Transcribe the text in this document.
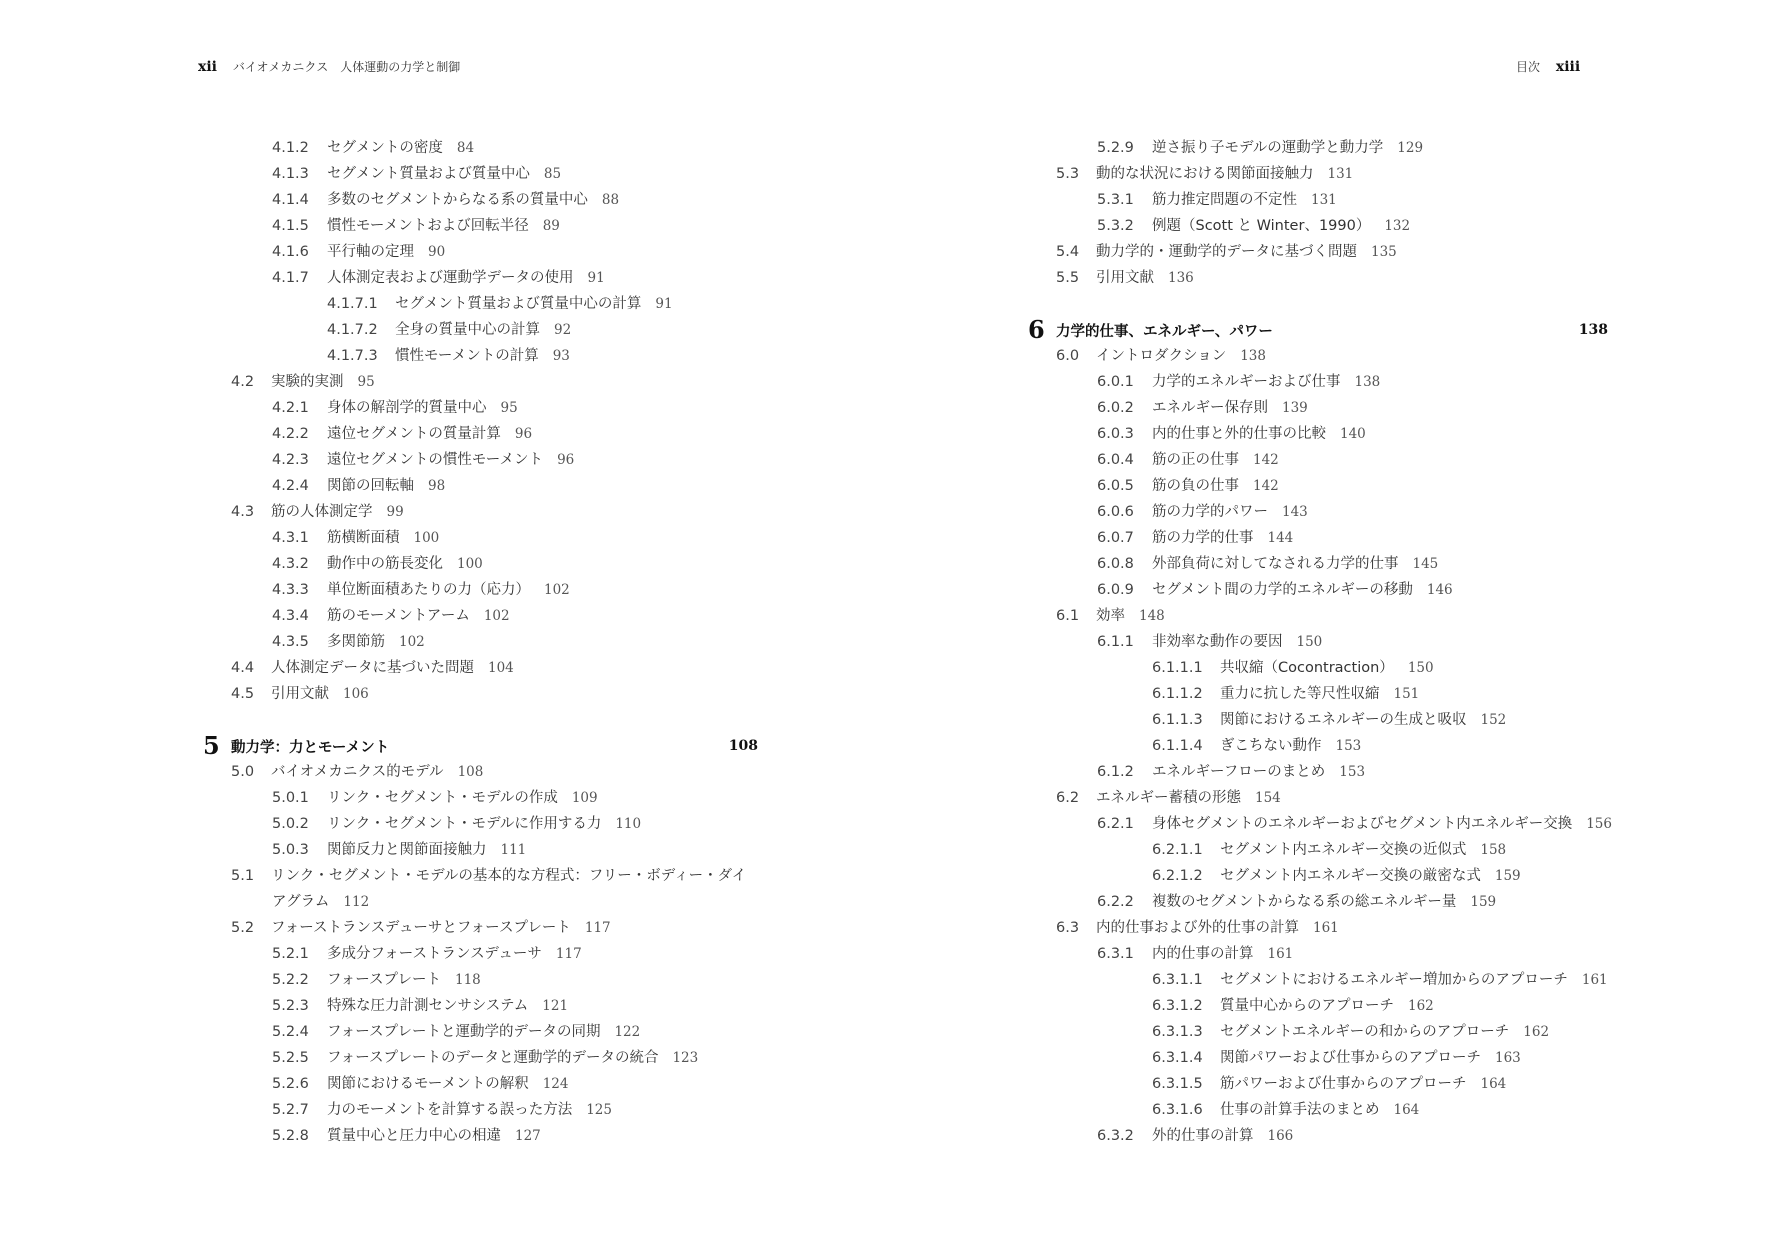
xii バイオメカニクス　人体運動の力学と制御	目次 xiii
4.1.2 セグメントの密度 84
4.1.3 セグメント質量および質量中心 85
4.1.4 多数のセグメントからなる系の質量中心 88
4.1.5 慣性モーメントおよび回転半径 89
4.1.6 平行軸の定理 90
4.1.7 人体測定表および運動学データの使用 91
4.1.7.1 セグメント質量および質量中心の計算 91
4.1.7.2 全身の質量中心の計算 92
4.1.7.3 慣性モーメントの計算 93
4.2 実験的実測 95
4.2.1 身体の解剖学的質量中心 95
4.2.2 遠位セグメントの質量計算 96
4.2.3 遠位セグメントの慣性モーメント 96
4.2.4 関節の回転軸 98
4.3 筋の人体測定学 99
4.3.1 筋横断面積 100
4.3.2 動作中の筋長変化 100
4.3.3 単位断面積あたりの力（応力） 102
4.3.4 筋のモーメントアーム 102
4.3.5 多関節筋 102
4.4 人体測定データに基づいた問題 104
4.5 引用文献 106
5 動力学：力とモーメント	108
5.0 バイオメカニクス的モデル 108
5.0.1 リンク・セグメント・モデルの作成 109
5.0.2 リンク・セグメント・モデルに作用する力 110
5.0.3 関節反力と関節面接触力 111
5.1 リンク・セグメント・モデルの基本的な方程式：フリー・ボディー・ダイ
アグラム 112
5.2 フォーストランスデューサとフォースプレート 117
5.2.1 多成分フォーストランスデューサ 117
5.2.2 フォースプレート 118
5.2.3 特殊な圧力計測センサシステム 121
5.2.4 フォースプレートと運動学的データの同期 122
5.2.5 フォースプレートのデータと運動学的データの統合 123
5.2.6 関節におけるモーメントの解釈 124
5.2.7 力のモーメントを計算する誤った方法 125
5.2.8 質量中心と圧力中心の相違 127
5.2.9 逆さ振り子モデルの運動学と動力学 129
5.3 動的な状況における関節面接触力 131
5.3.1 筋力推定問題の不定性 131
5.3.2 例題（Scott と Winter、1990） 132
5.4 動力学的・運動学的データに基づく問題 135
5.5 引用文献 136
6 力学的仕事、エネルギー、パワー	138
6.0 イントロダクション 138
6.0.1 力学的エネルギーおよび仕事 138
6.0.2 エネルギー保存則 139
6.0.3 内的仕事と外的仕事の比較 140
6.0.4 筋の正の仕事 142
6.0.5 筋の負の仕事 142
6.0.6 筋の力学的パワー 143
6.0.7 筋の力学的仕事 144
6.0.8 外部負荷に対してなされる力学的仕事 145
6.0.9 セグメント間の力学的エネルギーの移動 146
6.1 効率 148
6.1.1 非効率な動作の要因 150
6.1.1.1 共収縮（Cocontraction） 150
6.1.1.2 重力に抗した等尺性収縮 151
6.1.1.3 関節におけるエネルギーの生成と吸収 152
6.1.1.4 ぎこちない動作 153
6.1.2 エネルギーフローのまとめ 153
6.2 エネルギー蓄積の形態 154
6.2.1 身体セグメントのエネルギーおよびセグメント内エネルギー交換 156
6.2.1.1 セグメント内エネルギー交換の近似式 158
6.2.1.2 セグメント内エネルギー交換の厳密な式 159
6.2.2 複数のセグメントからなる系の総エネルギー量 159
6.3 内的仕事および外的仕事の計算 161
6.3.1 内的仕事の計算 161
6.3.1.1 セグメントにおけるエネルギー増加からのアプローチ 161
6.3.1.2 質量中心からのアプローチ 162
6.3.1.3 セグメントエネルギーの和からのアプローチ 162
6.3.1.4 関節パワーおよび仕事からのアプローチ 163
6.3.1.5 筋パワーおよび仕事からのアプローチ 164
6.3.1.6 仕事の計算手法のまとめ 164
6.3.2 外的仕事の計算 166
